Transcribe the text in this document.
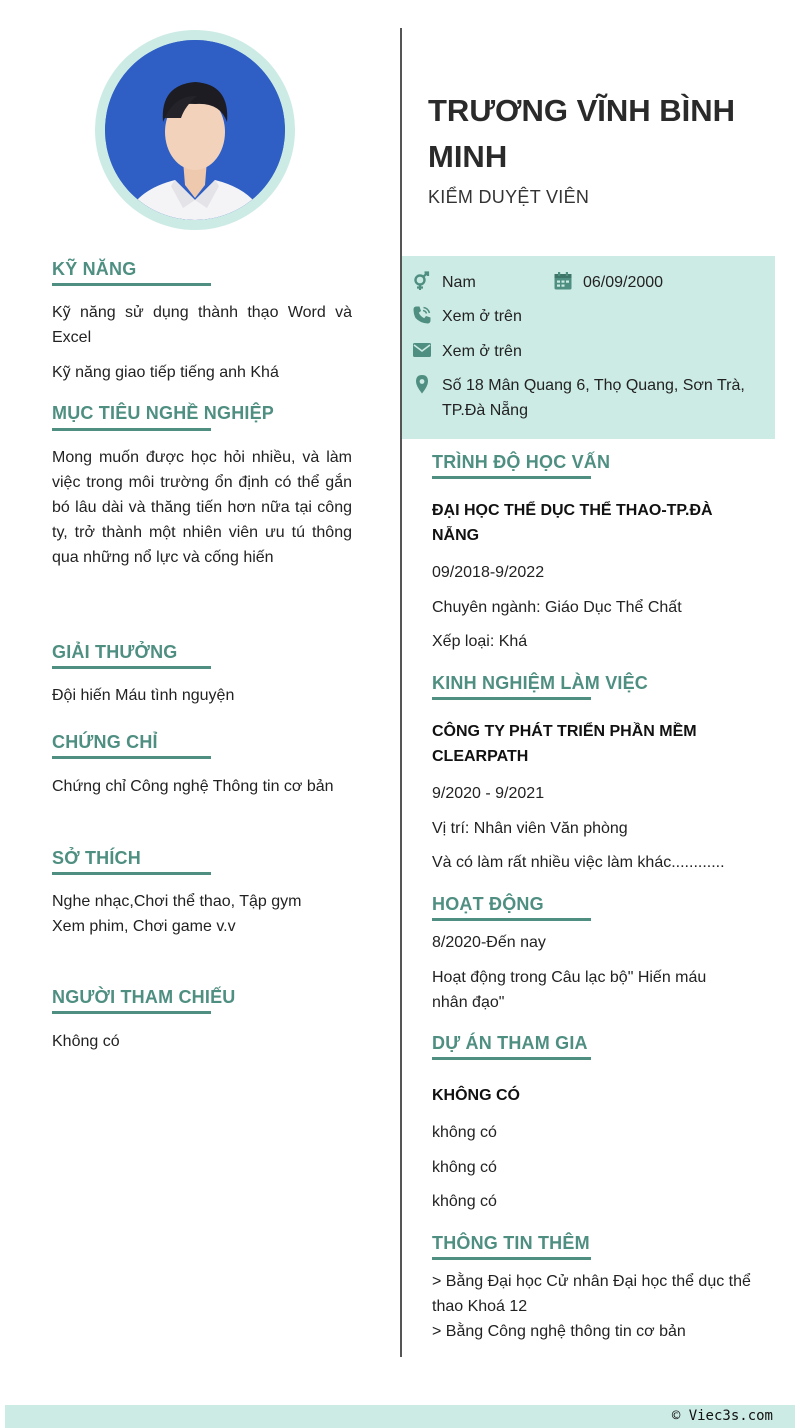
TRƯƠNG VĨNH BÌNH MINH
KIỂM DUYỆT VIÊN
Nam	06/09/2000
Xem ở trên
Xem ở trên
Số 18 Mân Quang 6, Thọ Quang, Sơn Trà, TP.Đà Nẵng
KỸ NĂNG
Kỹ năng sử dụng thành thạo Word và Excel
Kỹ năng giao tiếp tiếng anh Khá
MỤC TIÊU NGHỀ NGHIỆP
Mong muốn được học hỏi nhiều, và làm việc trong môi trường ổn định có thể gắn bó lâu dài và thăng tiến hơn nữa tại công ty, trở thành một nhiên viên ưu tú thông qua những nổ lực và cống hiến
GIẢI THƯỞNG
Đội hiến Máu tình nguyện
CHỨNG CHỈ
Chứng chỉ Công nghệ Thông tin cơ bản
SỞ THÍCH
Nghe nhạc,Chơi thể thao, Tập gym
Xem phim, Chơi game v.v
NGƯỜI THAM CHIẾU
Không có
TRÌNH ĐỘ HỌC VẤN
ĐẠI HỌC THỂ DỤC THỂ THAO-TP.ĐÀ NẴNG
09/2018-9/2022
Chuyên ngành: Giáo Dục Thể Chất
Xếp loại: Khá
KINH NGHIỆM LÀM VIỆC
CÔNG TY PHÁT TRIỂN PHẦN MỀM CLEARPATH
9/2020 - 9/2021
Vị trí: Nhân viên Văn phòng
Và có làm rất nhiều việc làm khác............
HOẠT ĐỘNG
8/2020-Đến nay
Hoạt động trong Câu lạc bộ" Hiến máu nhân đạo"
DỰ ÁN THAM GIA
KHÔNG CÓ
không có
không có
không có
THÔNG TIN THÊM
> Bằng Đại học Cử nhân Đại học thể dục thể thao Khoá 12
> Bằng Công nghệ thông tin cơ bản
© Viec3s.com
